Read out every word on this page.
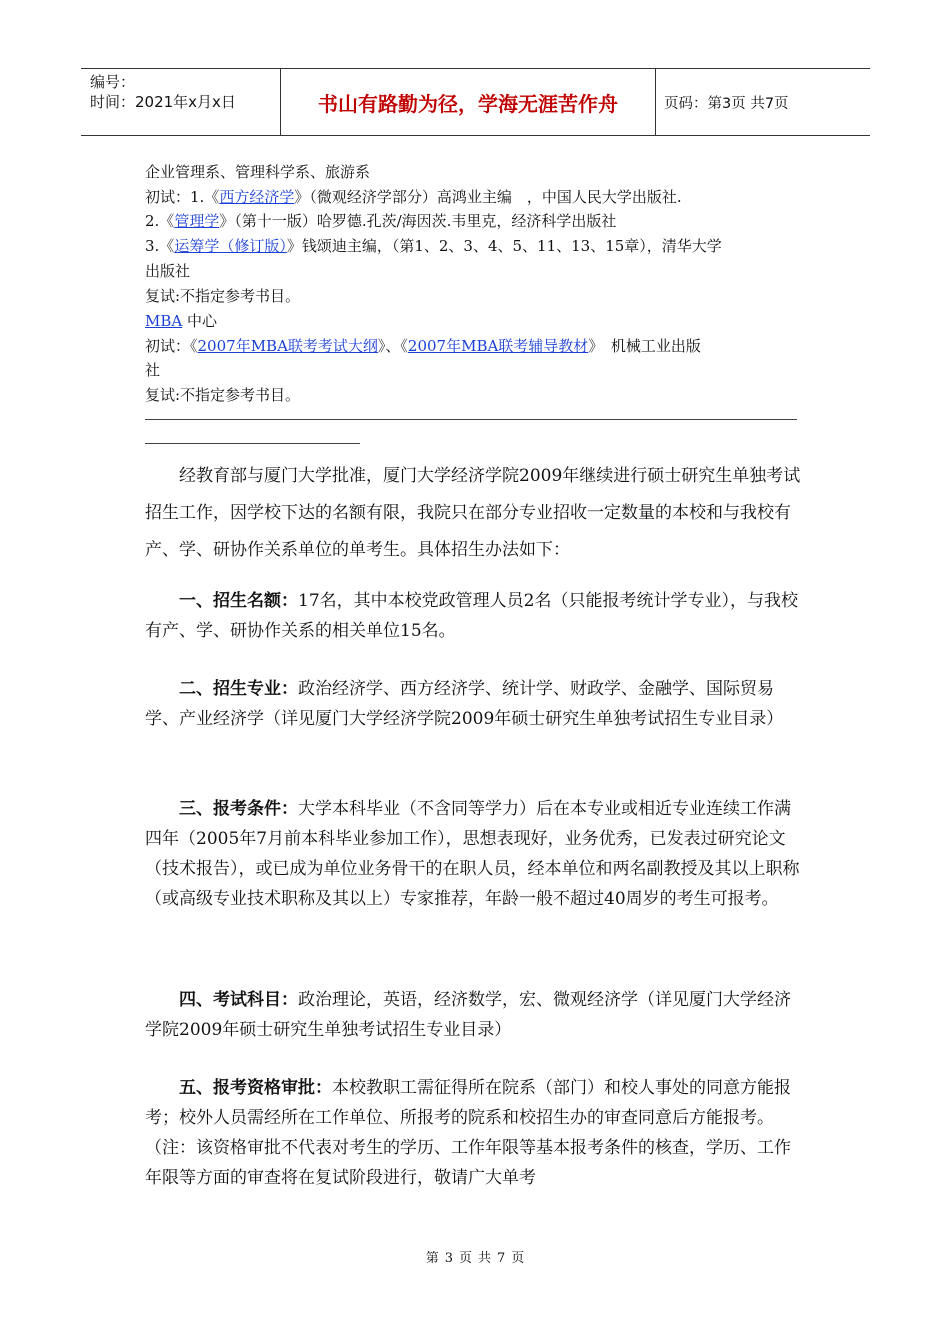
编号：
时间：2021年x月x日	书山有路勤为径，学海无涯苦作舟	页码：第3页 共7页
企业管理系、管理科学系、旅游系
初试：1.《西方经济学》（微观经济学部分）高鸿业主编　，中国人民大学出版社.
2.《管理学》（第十一版）哈罗德.孔茨/海因茨.韦里克，经济科学出版社
3.《运筹学（修订版）》钱颂迪主编，（第1、2、3、4、5、11、13、15章），清华大学
出版社
复试:不指定参考书目。
MBA 中心
初试：《2007年MBA联考考试大纲》、《2007年MBA联考辅导教材》　机械工业出版
社
复试:不指定参考书目。
经教育部与厦门大学批准，厦门大学经济学院2009年继续进行硕士研究生单独考试招生工作，因学校下达的名额有限，我院只在部分专业招收一定数量的本校和与我校有产、学、研协作关系单位的单考生。具体招生办法如下：

一、招生名额：17名，其中本校党政管理人员2名（只能报考统计学专业），与我校有产、学、研协作关系的相关单位15名。

二、招生专业：政治经济学、西方经济学、统计学、财政学、金融学、国际贸易学、产业经济学（详见厦门大学经济学院2009年硕士研究生单独考试招生专业目录）

三、报考条件：大学本科毕业（不含同等学力）后在本专业或相近专业连续工作满四年（2005年7月前本科毕业参加工作），思想表现好，业务优秀，已发表过研究论文（技术报告），或已成为单位业务骨干的在职人员，经本单位和两名副教授及其以上职称（或高级专业技术职称及其以上）专家推荐，年龄一般不超过40周岁的考生可报考。

四、考试科目：政治理论，英语，经济数学，宏、微观经济学（详见厦门大学经济学院2009年硕士研究生单独考试招生专业目录）

五、报考资格审批：本校教职工需征得所在院系（部门）和校人事处的同意方能报考；校外人员需经所在工作单位、所报考的院系和校招生办的审查同意后方能报考。（注：该资格审批不代表对考生的学历、工作年限等基本报考条件的核查，学历、工作年限等方面的审查将在复试阶段进行，敬请广大单考

第 3 页 共 7 页
